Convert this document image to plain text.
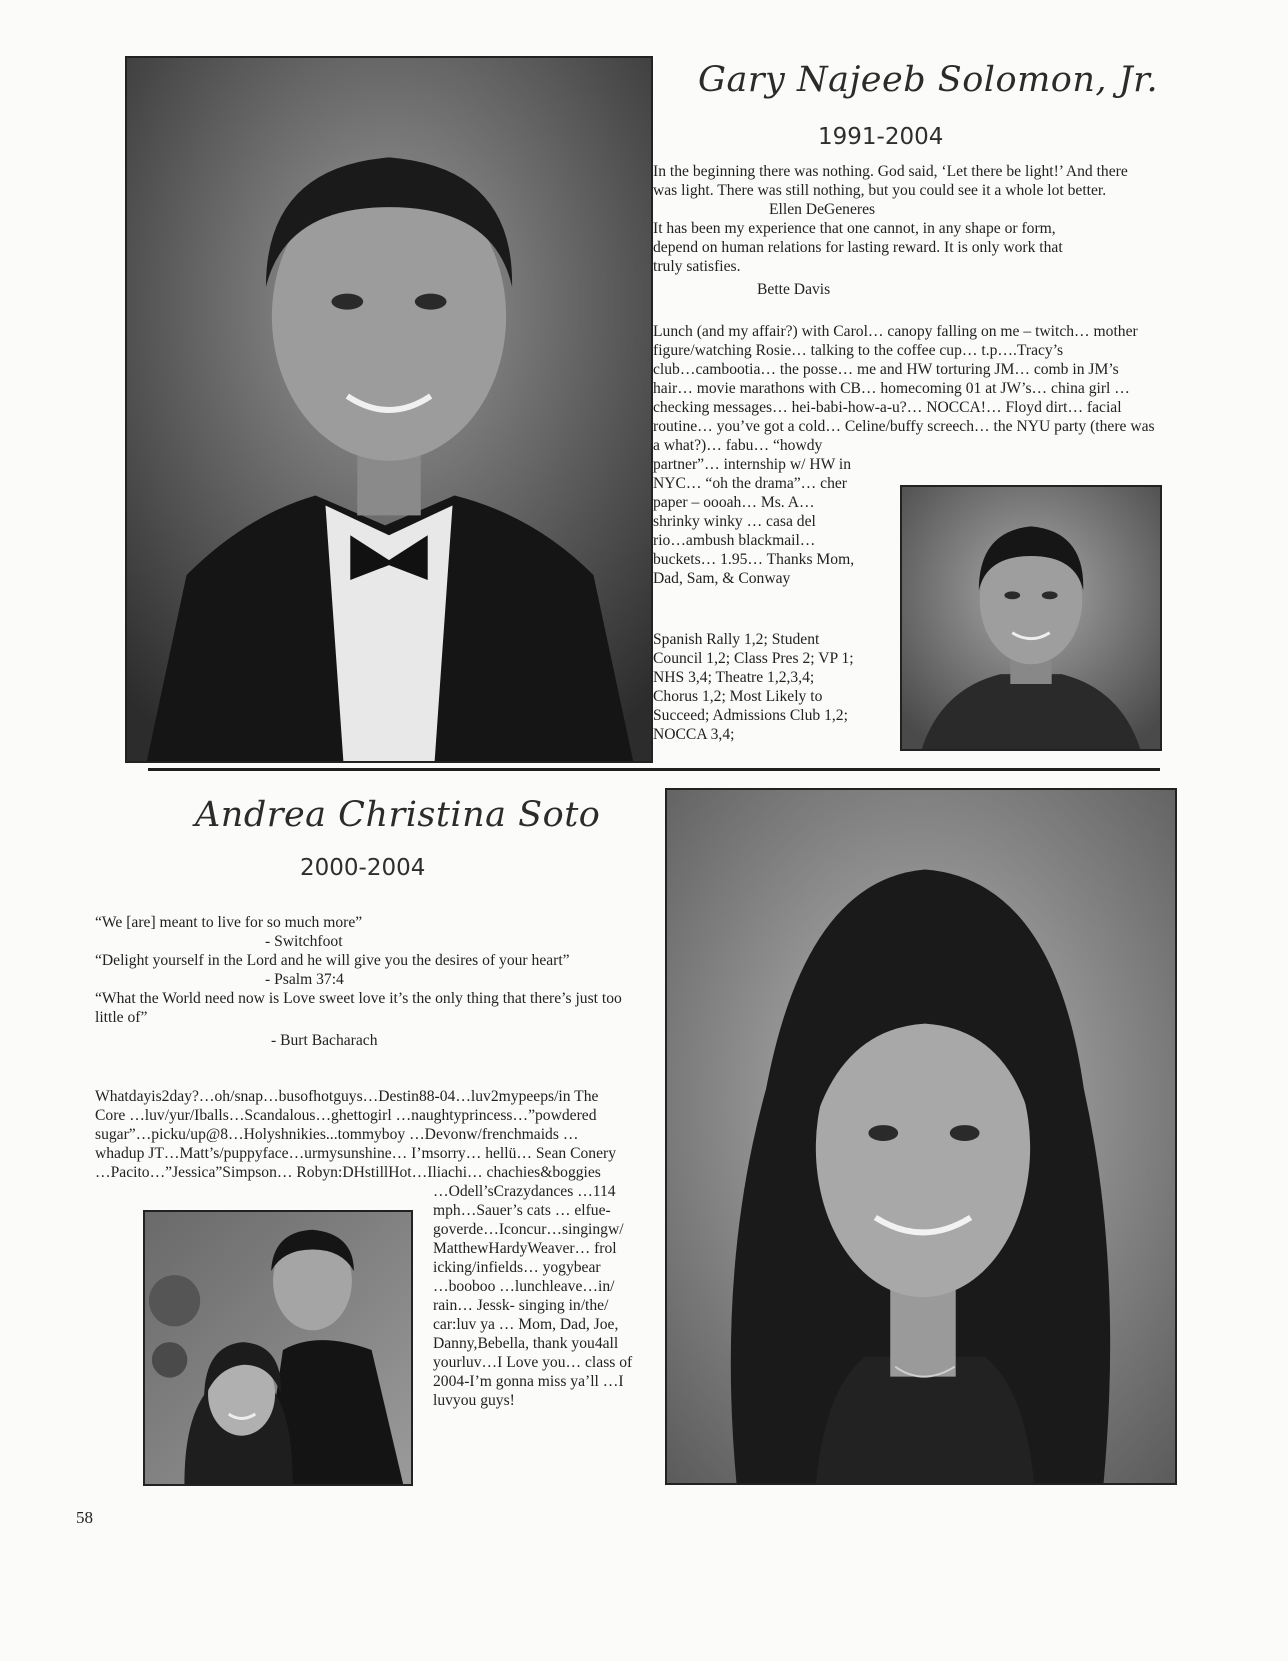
Gary Najeeb Solomon, Jr.
1991-2004
In the beginning there was nothing. God said, ‘Let there be light!’ And there
was light. There was still nothing, but you could see it a whole lot better.
Ellen DeGeneres
It has been my experience that one cannot, in any shape or form,
depend on human relations for lasting reward. It is only work that
truly satisfies.
Bette Davis
Lunch (and my affair?) with Carol… canopy falling on me – twitch… mother
figure/watching Rosie… talking to the coffee cup… t.p….Tracy’s
club…cambootia… the posse… me and HW torturing JM… comb in JM’s
hair… movie marathons with CB… homecoming 01 at JW’s… china girl …
checking messages… hei-babi-how-a-u?… NOCCA!… Floyd dirt… facial
routine… you’ve got a cold… Celine/buffy screech… the NYU party (there was
a what?)… fabu… “howdy
partner”… internship w/ HW in
NYC… “oh the drama”… cher
paper – oooah… Ms. A…
shrinky winky … casa del
rio…ambush blackmail…
buckets… 1.95… Thanks Mom,
Dad, Sam, & Conway
Spanish Rally 1,2; Student
Council 1,2; Class Pres 2; VP 1;
NHS 3,4; Theatre 1,2,3,4;
Chorus 1,2; Most Likely to
Succeed; Admissions Club 1,2;
NOCCA 3,4;
Andrea Christina Soto
2000-2004
“We [are] meant to live for so much more”
- Switchfoot
“Delight yourself in the Lord and he will give you the desires of your heart”
- Psalm 37:4
“What the World need now is Love sweet love it’s the only thing that there’s just too
little of”
- Burt Bacharach
Whatdayis2day?…oh/snap…busofhotguys…Destin88-04…luv2mypeeps/in The
Core …luv/yur/Iballs…Scandalous…ghettogirl …naughtyprincess…”powdered
sugar”…picku/up@8…Holyshnikies...tommyboy …Devonw/frenchmaids …
whadup JT…Matt’s/puppyface…urmysunshine… I’msorry… hellü… Sean Conery
…Pacito…”Jessica”Simpson… Robyn:DHstillHot…Iliachi… chachies&boggies
…Odell’sCrazydances …114
mph…Sauer’s cats … elfue-
goverde…Iconcur…singingw/
MatthewHardyWeaver… frol
icking/infields… yogybear
…booboo …lunchleave…in/
rain… Jessk- singing in/the/
car:luv ya … Mom, Dad, Joe,
Danny,Bebella, thank you4all
yourluv…I Love you… class of
2004-I’m gonna miss ya’ll …I
luvyou guys!
58
